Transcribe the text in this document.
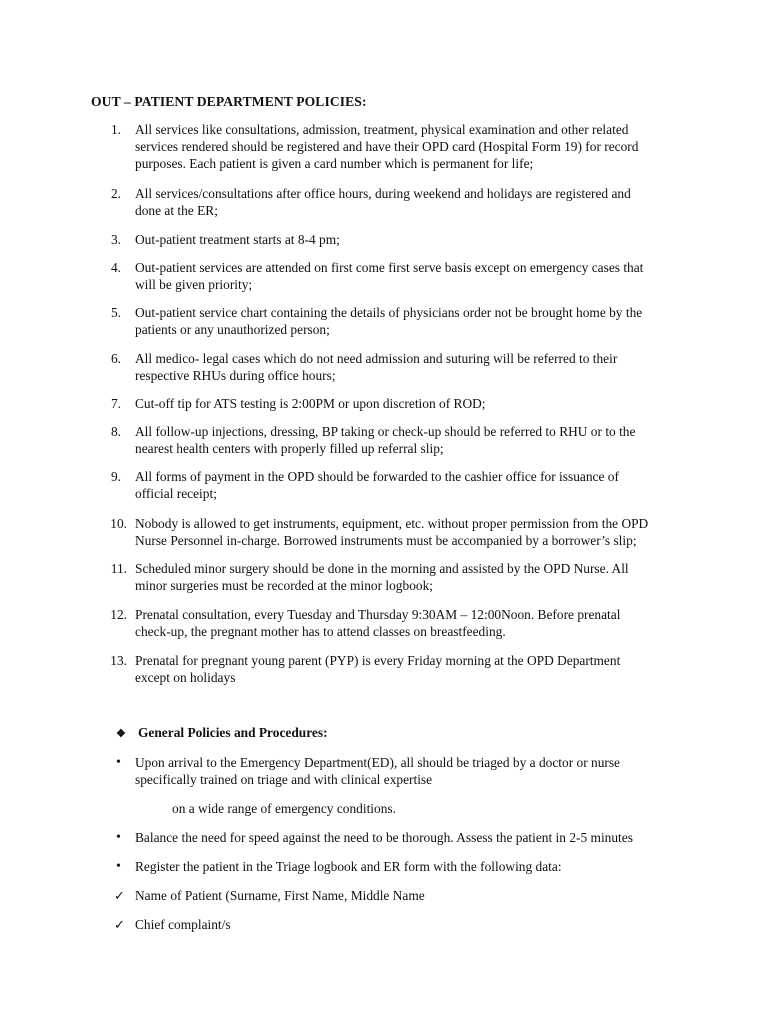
OUT – PATIENT DEPARTMENT POLICIES:
1. All services like consultations, admission, treatment, physical examination and other related
services rendered should be registered and have their OPD card (Hospital Form 19) for record
purposes. Each patient is given a card number which is permanent for life;
2. All services/consultations after office hours, during weekend and holidays are registered and
done at the ER;
3. Out-patient treatment starts at 8-4 pm;
4. Out-patient services are attended on first come first serve basis except on emergency cases that
will be given priority;
5. Out-patient service chart containing the details of physicians order not be brought home by the
patients or any unauthorized person;
6. All medico- legal cases which do not need admission and suturing will be referred to their
respective RHUs during office hours;
7. Cut-off tip for ATS testing is 2:00PM or upon discretion of ROD;
8. All follow-up injections, dressing, BP taking or check-up should be referred to RHU or to the
nearest health centers with properly filled up referral slip;
9. All forms of payment in the OPD should be forwarded to the cashier office for issuance of
official receipt;
10. Nobody is allowed to get instruments, equipment, etc. without proper permission from the OPD
Nurse Personnel in-charge. Borrowed instruments must be accompanied by a borrower’s slip;
11. Scheduled minor surgery should be done in the morning and assisted by the OPD Nurse. All
minor surgeries must be recorded at the minor logbook;
12. Prenatal consultation, every Tuesday and Thursday 9:30AM – 12:00Noon. Before prenatal
check-up, the pregnant mother has to attend classes on breastfeeding.
13. Prenatal for pregnant young parent (PYP) is every Friday morning at the OPD Department
except on holidays
❖ General Policies and Procedures:
• Upon arrival to the Emergency Department(ED), all should be triaged by a doctor or nurse
specifically trained on triage and with clinical expertise
on a wide range of emergency conditions.
• Balance the need for speed against the need to be thorough. Assess the patient in 2-5 minutes
• Register the patient in the Triage logbook and ER form with the following data:
✓ Name of Patient (Surname, First Name, Middle Name
✓ Chief complaint/s
